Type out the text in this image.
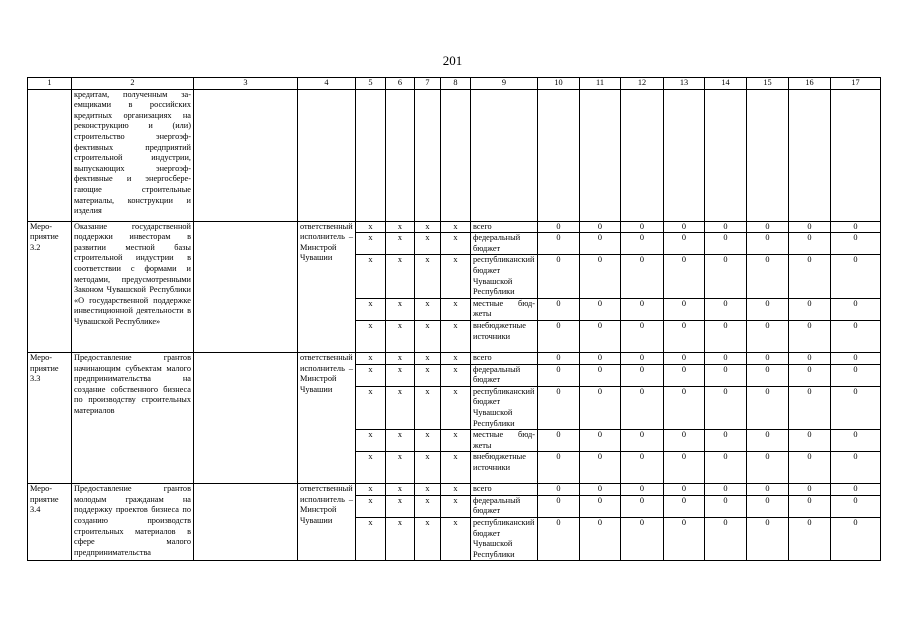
201
1	2	3	4	5	6	7	8	9	10	11	12	13	14	15	16	17
	кредитам, полученным заемщиками в российских кредитных организациях на реконструкцию и (или) строительство энергоэффективных предприятий строительной индустрии, выпускающих энергоэффективные и энергосберегающие строительные материалы, конструкции и изделия															
Мероприятие 3.2	Оказание государственной поддержки инвесторам в развитии местной базы строительной индустрии в соответствии с формами и методами, предусмотренными Законом Чувашской Республики «О государственной поддержке инвестиционной деятельности в Чувашской Республике»		ответственный исполнитель – Минстрой Чувашии	x	x	x	x	всего	0	0	0	0	0	0	0	0
				x	x	x	x	федеральный бюджет	0	0	0	0	0	0	0	0
				x	x	x	x	республиканский бюджет Чувашской Республики	0	0	0	0	0	0	0	0
				x	x	x	x	местные бюджеты	0	0	0	0	0	0	0	0
				x	x	x	x	внебюджетные источники	0	0	0	0	0	0	0	0
Мероприятие 3.3	Предоставление грантов начинающим субъектам малого предпринимательства на создание собственного бизнеса по производству строительных материалов		ответственный исполнитель – Минстрой Чувашии	x	x	x	x	всего	0	0	0	0	0	0	0	0
				x	x	x	x	федеральный бюджет	0	0	0	0	0	0	0	0
				x	x	x	x	республиканский бюджет Чувашской Республики	0	0	0	0	0	0	0	0
				x	x	x	x	местные бюджеты	0	0	0	0	0	0	0	0
				x	x	x	x	внебюджетные источники	0	0	0	0	0	0	0	0
Мероприятие 3.4	Предоставление грантов молодым гражданам на поддержку проектов бизнеса по созданию производств строительных материалов в сфере малого предпринимательства		ответственный исполнитель – Минстрой Чувашии	x	x	x	x	всего	0	0	0	0	0	0	0	0
				x	x	x	x	федеральный бюджет	0	0	0	0	0	0	0	0
				x	x	x	x	республиканский бюджет Чувашской Республики	0	0	0	0	0	0	0	0
